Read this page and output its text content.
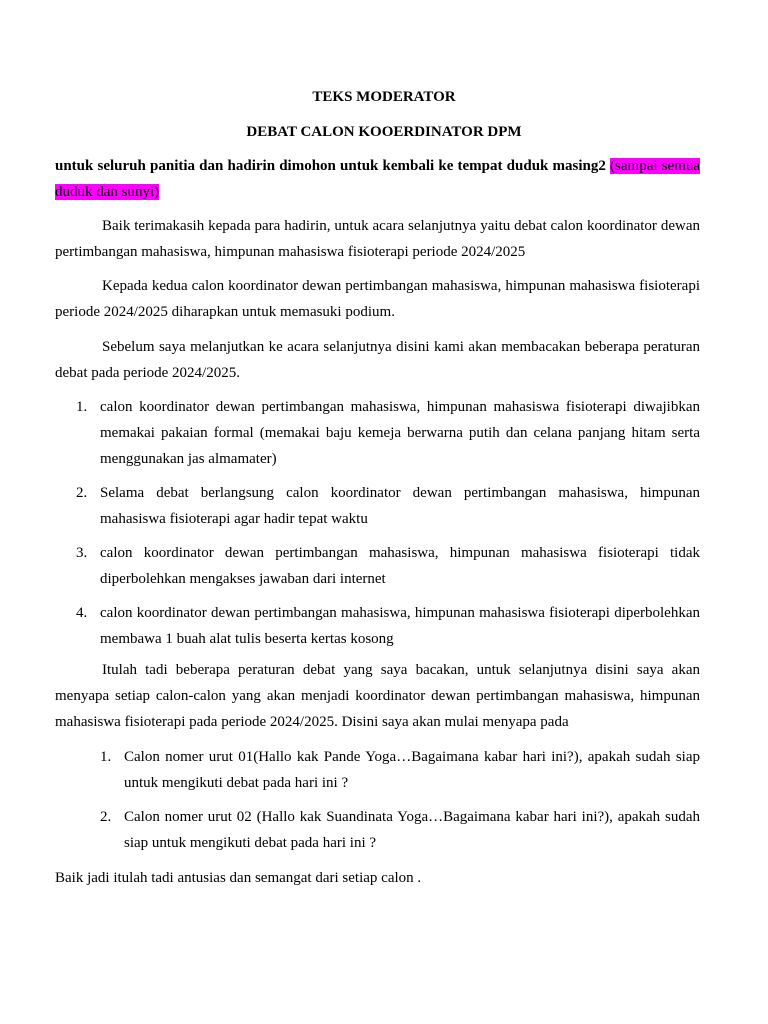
TEKS MODERATOR
DEBAT CALON KOOERDINATOR DPM
untuk seluruh panitia dan hadirin dimohon untuk kembali ke tempat duduk masing2 (sampai semua duduk dan sunyi)
Baik terimakasih kepada para hadirin, untuk acara selanjutnya yaitu debat calon koordinator dewan pertimbangan mahasiswa, himpunan mahasiswa fisioterapi periode 2024/2025
Kepada kedua calon koordinator dewan pertimbangan mahasiswa, himpunan mahasiswa fisioterapi periode 2024/2025 diharapkan untuk memasuki podium.
Sebelum saya melanjutkan ke acara selanjutnya disini kami akan membacakan beberapa peraturan debat pada periode 2024/2025.
1. calon koordinator dewan pertimbangan mahasiswa, himpunan mahasiswa fisioterapi diwajibkan memakai pakaian formal (memakai baju kemeja berwarna putih dan celana panjang hitam serta menggunakan jas almamater)
2. Selama debat berlangsung calon koordinator dewan pertimbangan mahasiswa, himpunan mahasiswa fisioterapi agar hadir tepat waktu
3. calon koordinator dewan pertimbangan mahasiswa, himpunan mahasiswa fisioterapi tidak diperbolehkan mengakses jawaban dari internet
4. calon koordinator dewan pertimbangan mahasiswa, himpunan mahasiswa fisioterapi diperbolehkan membawa 1 buah alat tulis beserta kertas kosong
Itulah tadi beberapa peraturan debat yang saya bacakan, untuk selanjutnya disini saya akan menyapa setiap calon-calon yang akan menjadi koordinator dewan pertimbangan mahasiswa, himpunan mahasiswa fisioterapi pada periode 2024/2025. Disini saya akan mulai menyapa pada
1. Calon nomer urut 01(Hallo kak Pande Yoga…Bagaimana kabar hari ini?), apakah sudah siap untuk mengikuti debat pada hari ini ?
2. Calon nomer urut 02 (Hallo kak Suandinata Yoga…Bagaimana kabar hari ini?), apakah sudah siap untuk mengikuti debat pada hari ini ?
Baik jadi itulah tadi antusias dan semangat dari setiap calon .
